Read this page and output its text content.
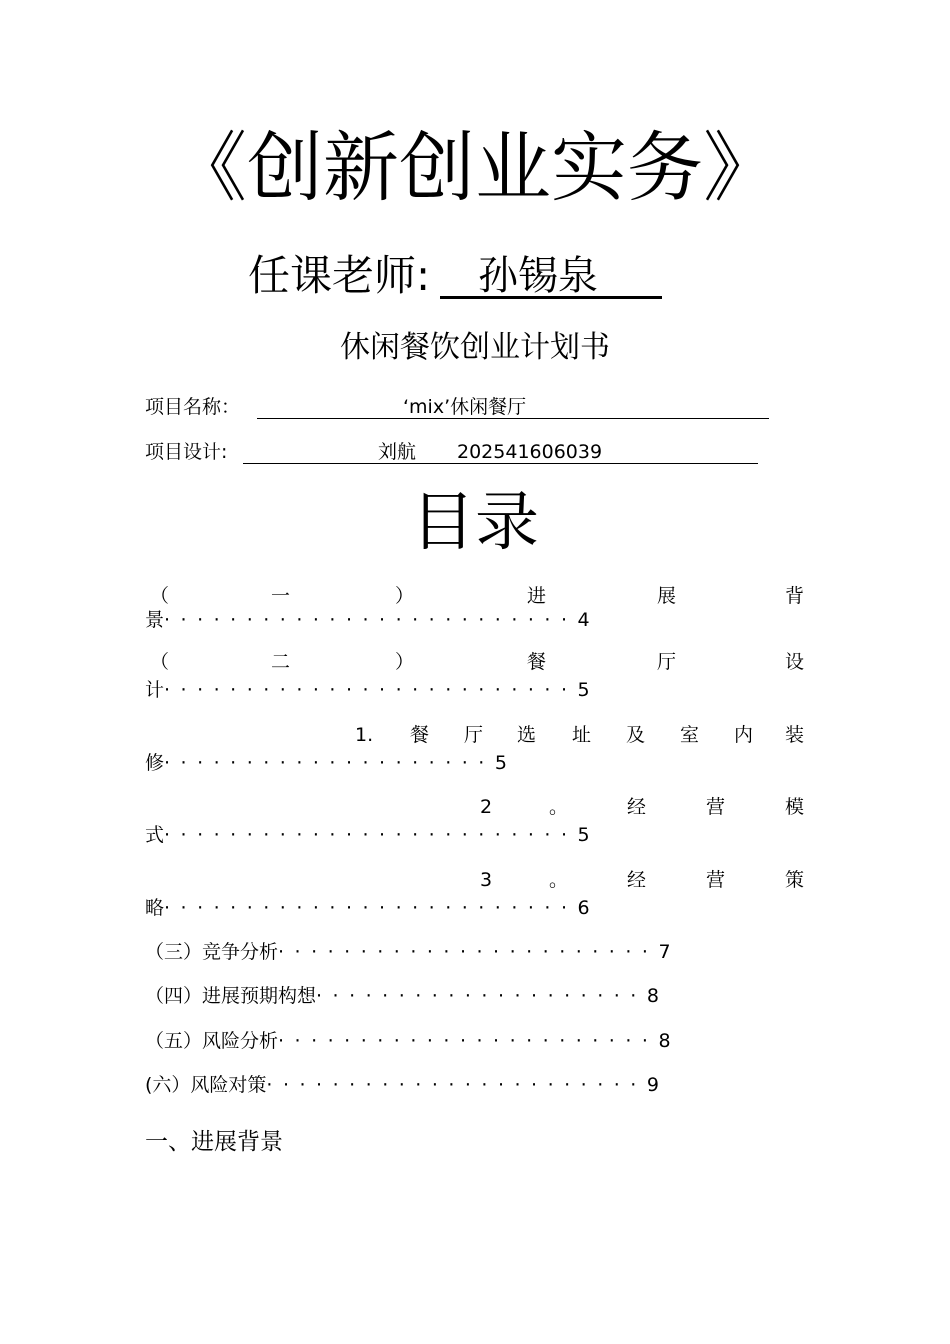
《创新创业实务》
任课老师: 孙锡泉
休闲餐饮创业计划书
项目名称：	‘mix’休闲餐厅
项目设计:	刘航 202541606039
目录
（	一	）	进	展	背
景·························4
（	二	）	餐	厅	设
计·························5
1. 餐 厅 选 址 及 室 内 装
修····················5
2	。	经	营	模
式·························5
3	。	经	营	策
略·························6
（三）竞争分析·······················7
（四）进展预期构想····················8
（五）风险分析·······················8
(六）风险对策·······················9
一、进展背景
